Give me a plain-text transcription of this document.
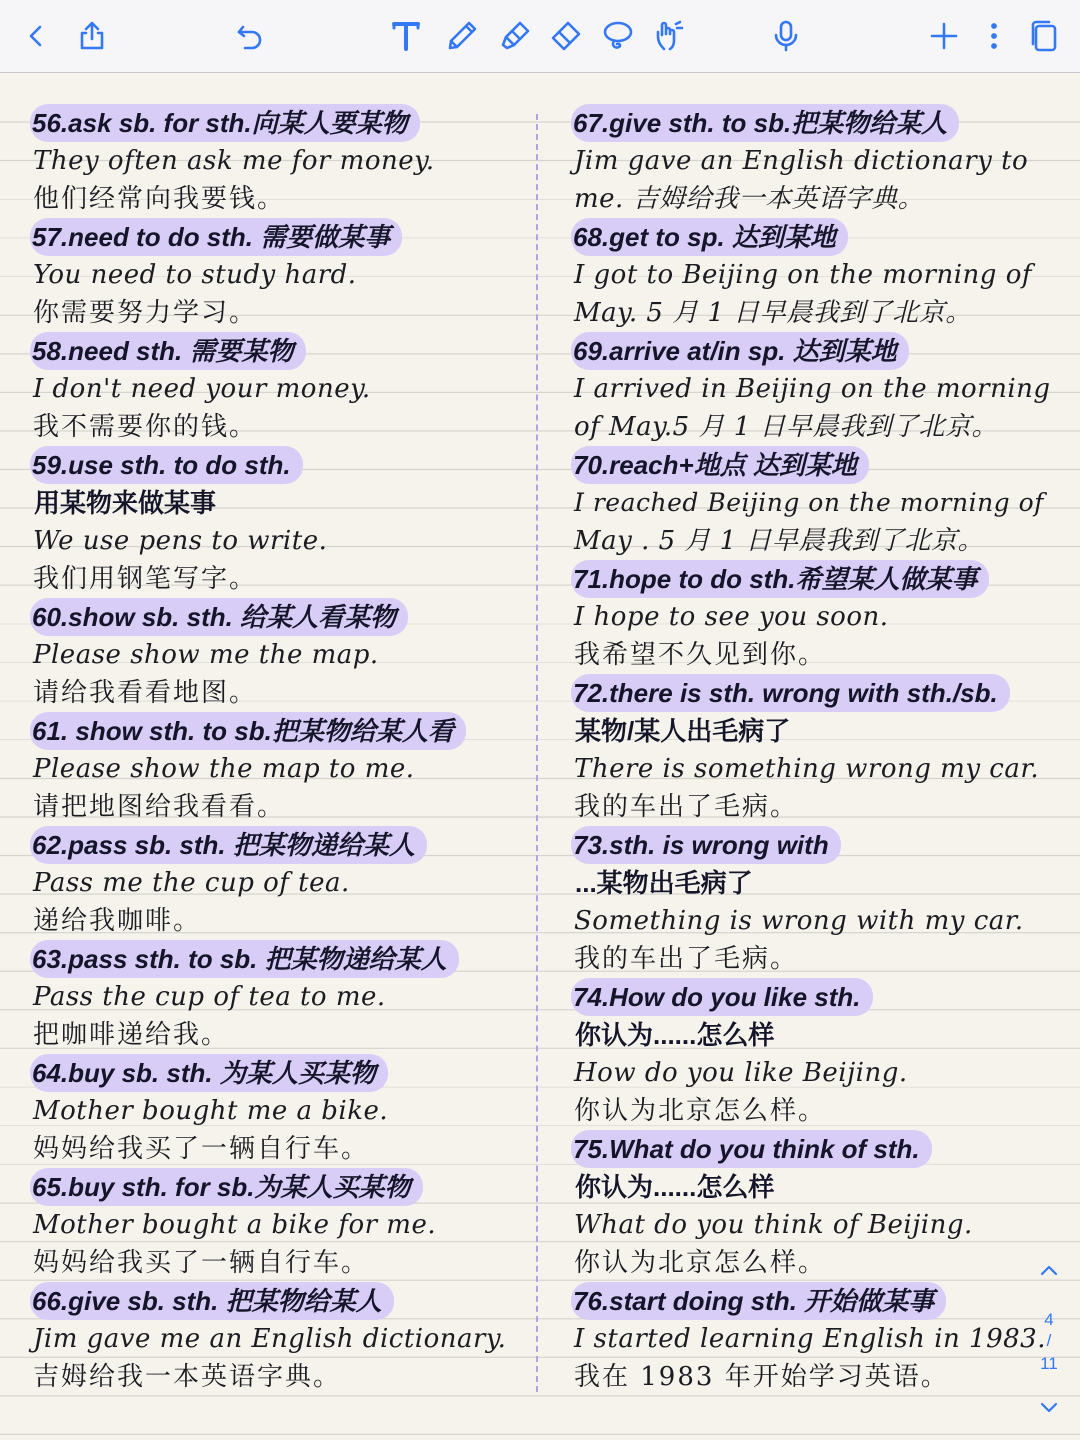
56.ask sb. for sth.向某人要某物
They often ask me for money.
他们经常向我要钱。
57.need to do sth. 需要做某事
You need to study hard.
你需要努力学习。
58.need sth. 需要某物
I don't need your money.
我不需要你的钱。
59.use sth. to do sth.
用某物来做某事
We use pens to write.
我们用钢笔写字。
60.show sb. sth. 给某人看某物
Please show me the map.
请给我看看地图。
61. show sth. to sb.把某物给某人看
Please show the map to me.
请把地图给我看看。
62.pass sb. sth. 把某物递给某人
Pass me the cup of tea.
递给我咖啡。
63.pass sth. to sb. 把某物递给某人
Pass the cup of tea to me.
把咖啡递给我。
64.buy sb. sth. 为某人买某物
Mother bought me a bike.
妈妈给我买了一辆自行车。
65.buy sth. for sb.为某人买某物
Mother bought a bike for me.
妈妈给我买了一辆自行车。
66.give sb. sth. 把某物给某人
Jim gave me an English dictionary.
吉姆给我一本英语字典。
67.give sth. to sb.把某物给某人
Jim gave an English dictionary to
me. 吉姆给我一本英语字典。
68.get to sp. 达到某地
I got to Beijing on the morning of
May. 5 月 1 日早晨我到了北京。
69.arrive at/in sp. 达到某地
I arrived in Beijing on the morning
of May.5 月 1 日早晨我到了北京。
70.reach+地点 达到某地
I reached Beijing on the morning of
May . 5 月 1 日早晨我到了北京。
71.hope to do sth.希望某人做某事
I hope to see you soon.
我希望不久见到你。
72.there is sth. wrong with sth./sb.
某物/某人出毛病了
There is something wrong my car.
我的车出了毛病。
73.sth. is wrong with
...某物出毛病了
Something is wrong with my car.
我的车出了毛病。
74.How do you like sth.
你认为......怎么样
How do you like Beijing.
你认为北京怎么样。
75.What do you think of sth.
你认为......怎么样
What do you think of Beijing.
你认为北京怎么样。
76.start doing sth. 开始做某事
I started learning English in 1983.
我在 1983 年开始学习英语。
4
/
11
